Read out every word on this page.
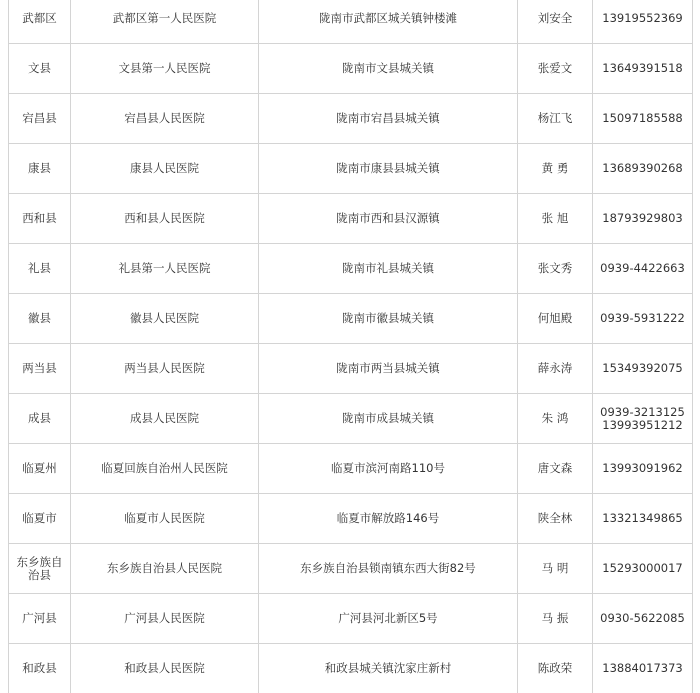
武都区	武都区第一人民医院	陇南市武都区城关镇钟楼滩	刘安全	13919552369

文县	文县第一人民医院	陇南市文县城关镇	张爱文	13649391518

宕昌县	宕昌县人民医院	陇南市宕昌县城关镇	杨江飞	15097185588

康县	康县人民医院	陇南市康县县城关镇	黄 勇	13689390268

西和县	西和县人民医院	陇南市西和县汉源镇	张 旭	18793929803

礼县	礼县第一人民医院	陇南市礼县城关镇	张文秀	0939-4422663

徽县	徽县人民医院	陇南市徽县城关镇	何旭殿	0939-5931222

两当县	两当县人民医院	陇南市两当县城关镇	薛永涛	15349392075

成县	成县人民医院	陇南市成县城关镇	朱 鸿	0939-3213125
13993951212

临夏州	临夏回族自治州人民医院	临夏市滨河南路110号	唐文森	13993091962

临夏市	临夏市人民医院	临夏市解放路146号	陕全林	13321349865

东乡族自治县	东乡族自治县人民医院	东乡族自治县锁南镇东西大街82号	马 明	15293000017

广河县	广河县人民医院	广河县河北新区5号	马 振	0930-5622085

和政县	和政县人民医院	和政县城关镇沈家庄新村	陈政荣	13884017373
